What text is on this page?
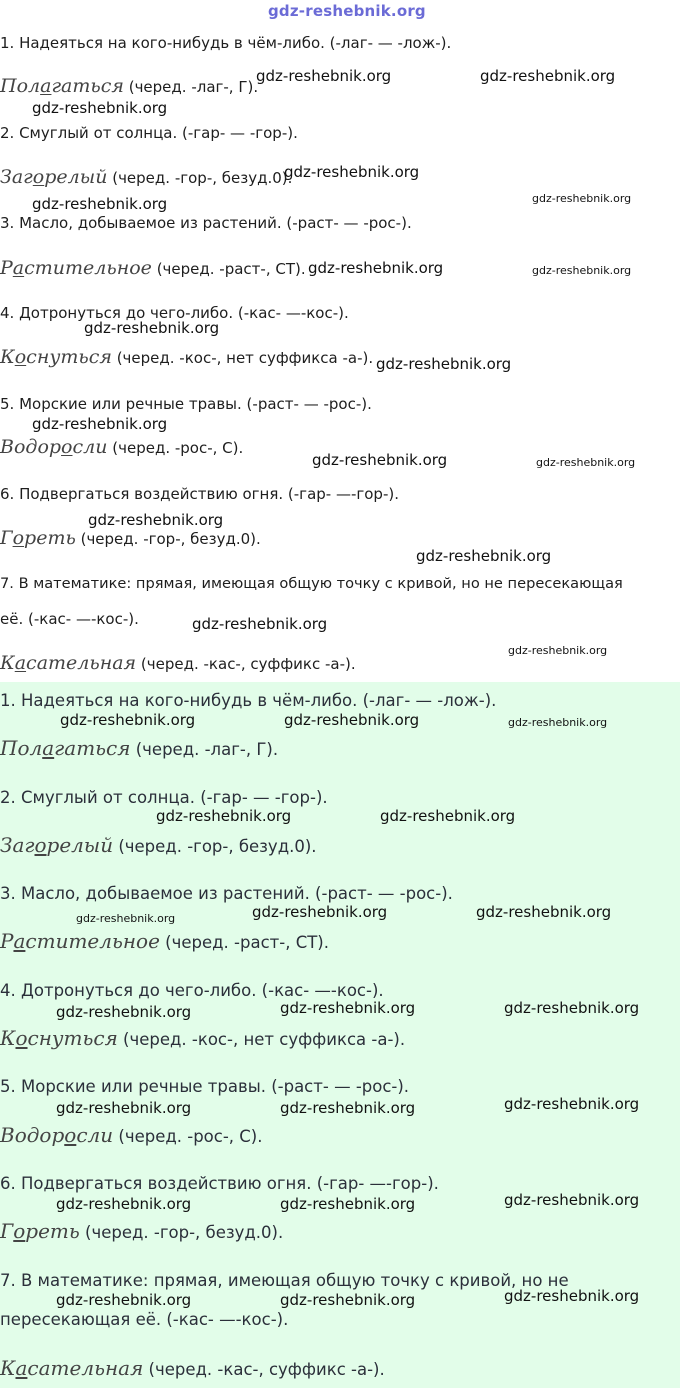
gdz-reshebnik.org
1. Надеяться на кого-нибудь в чём-либо. (-лаг- — -лож-).
Полагаться (черед. -лаг-, Г).
2. Смуглый от солнца. (-гар- — -гор-).
Загорелый (черед. -гор-, безуд.0).
3. Масло, добываемое из растений. (-раст- — -рос-).
Растительное (черед. -раст-, СТ).
4. Дотронуться до чего-либо. (-кас- —-кос-).
Коснуться (черед. -кос-, нет суффикса -а-).
5. Морские или речные травы. (-раст- — -рос-).
Водоросли (черед. -рос-, С).
6. Подвергаться воздействию огня. (-гар- —-гор-).
Гореть (черед. -гор-, безуд.0).
7. В математике: прямая, имеющая общую точку с кривой, но не пересекающая
её. (-кас- —-кос-).
Касательная (черед. -кас-, суффикс -а-).
gdz-reshebnik.org	gdz-reshebnik.org
gdz-reshebnik.org
gdz-reshebnik.org
gdz-reshebnik.org	gdz-reshebnik.org
gdz-reshebnik.org	gdz-reshebnik.org
gdz-reshebnik.org
gdz-reshebnik.org
gdz-reshebnik.org
gdz-reshebnik.org	gdz-reshebnik.org
gdz-reshebnik.org
gdz-reshebnik.org
gdz-reshebnik.org
gdz-reshebnik.org
1. Надеяться на кого-нибудь в чём-либо. (-лаг- — -лож-).
Полагаться (черед. -лаг-, Г).
2. Смуглый от солнца. (-гар- — -гор-).
Загорелый (черед. -гор-, безуд.0).
3. Масло, добываемое из растений. (-раст- — -рос-).
Растительное (черед. -раст-, СТ).
4. Дотронуться до чего-либо. (-кас- —-кос-).
Коснуться (черед. -кос-, нет суффикса -а-).
5. Морские или речные травы. (-раст- — -рос-).
Водоросли (черед. -рос-, С).
6. Подвергаться воздействию огня. (-гар- —-гор-).
Гореть (черед. -гор-, безуд.0).
7. В математике: прямая, имеющая общую точку с кривой, но не
пересекающая её. (-кас- —-кос-).
Касательная (черед. -кас-, суффикс -а-).
gdz-reshebnik.org	gdz-reshebnik.org	gdz-reshebnik.org
gdz-reshebnik.org	gdz-reshebnik.org
gdz-reshebnik.org	gdz-reshebnik.org	gdz-reshebnik.org
gdz-reshebnik.org	gdz-reshebnik.org	gdz-reshebnik.org
gdz-reshebnik.org	gdz-reshebnik.org	gdz-reshebnik.org
gdz-reshebnik.org	gdz-reshebnik.org	gdz-reshebnik.org
gdz-reshebnik.org	gdz-reshebnik.org	gdz-reshebnik.org
